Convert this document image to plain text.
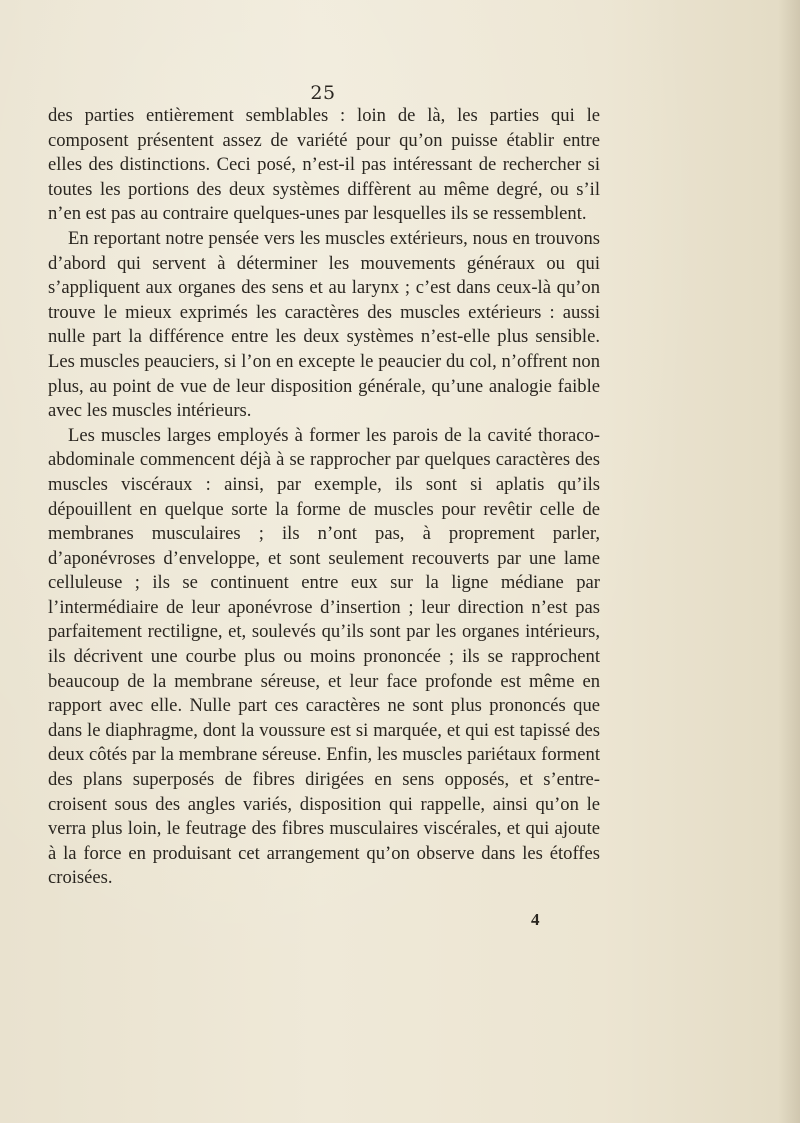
25

des parties entièrement semblables : loin de là, les parties qui le composent présentent assez de variété pour qu’on puisse établir entre elles des distinctions. Ceci posé, n’est-il pas intéressant de rechercher si toutes les portions des deux systèmes diffèrent au même degré, ou s’il n’en est pas au contraire quelques-unes par lesquelles ils se ressemblent.

En reportant notre pensée vers les muscles extérieurs, nous en trouvons d’abord qui servent à déterminer les mouvements généraux ou qui s’appliquent aux organes des sens et au larynx ; c’est dans ceux-là qu’on trouve le mieux exprimés les caractères des muscles extérieurs : aussi nulle part la différence entre les deux systèmes n’est-elle plus sensible. Les muscles peauciers, si l’on en excepte le peaucier du col, n’offrent non plus, au point de vue de leur disposition générale, qu’une analogie faible avec les muscles intérieurs.

Les muscles larges employés à former les parois de la cavité thoraco-abdominale commencent déjà à se rapprocher par quelques caractères des muscles viscéraux : ainsi, par exemple, ils sont si aplatis qu’ils dépouillent en quelque sorte la forme de muscles pour revêtir celle de membranes musculaires ; ils n’ont pas, à proprement parler, d’aponévroses d’enveloppe, et sont seulement recouverts par une lame celluleuse ; ils se continuent entre eux sur la ligne médiane par l’intermédiaire de leur aponévrose d’insertion ; leur direction n’est pas parfaitement rectiligne, et, soulevés qu’ils sont par les organes intérieurs, ils décrivent une courbe plus ou moins prononcée ; ils se rapprochent beaucoup de la membrane séreuse, et leur face profonde est même en rapport avec elle. Nulle part ces caractères ne sont plus prononcés que dans le diaphragme, dont la voussure est si marquée, et qui est tapissé des deux côtés par la membrane séreuse. Enfin, les muscles pariétaux forment des plans superposés de fibres dirigées en sens opposés, et s’entre-croisent sous des angles variés, disposition qui rappelle, ainsi qu’on le verra plus loin, le feutrage des fibres musculaires viscérales, et qui ajoute à la force en produisant cet arrangement qu’on observe dans les étoffes croisées.

4
